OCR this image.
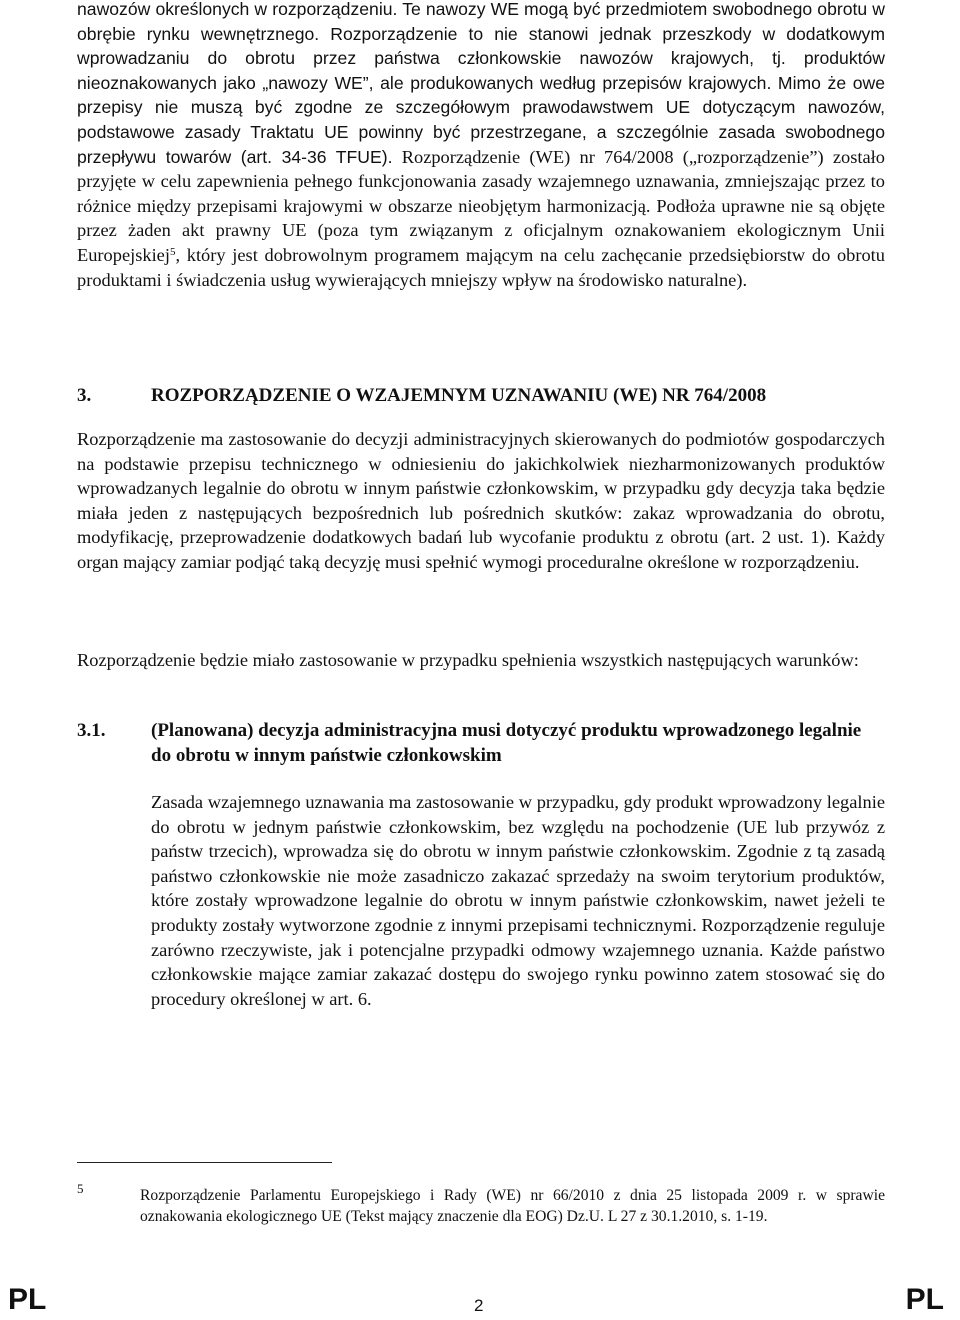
nawozów określonych w rozporządzeniu. Te nawozy WE mogą być przedmiotem swobodnego obrotu w obrębie rynku wewnętrznego. Rozporządzenie to nie stanowi jednak przeszkody w dodatkowym wprowadzaniu do obrotu przez państwa członkowskie nawozów krajowych, tj. produktów nieoznakowanych jako „nawozy WE”, ale produkowanych według przepisów krajowych. Mimo że owe przepisy nie muszą być zgodne ze szczegółowym prawodawstwem UE dotyczącym nawozów, podstawowe zasady Traktatu UE powinny być przestrzegane, a szczególnie zasada swobodnego przepływu towarów (art. 34-36 TFUE). Rozporządzenie (WE) nr 764/2008 („rozporządzenie”) zostało przyjęte w celu zapewnienia pełnego funkcjonowania zasady wzajemnego uznawania, zmniejszając przez to różnice między przepisami krajowymi w obszarze nieobjętym harmonizacją. Podłoża uprawne nie są objęte przez żaden akt prawny UE (poza tym związanym z oficjalnym oznakowaniem ekologicznym Unii Europejskiej$^5$, który jest dobrowolnym programem mającym na celu zachęcanie przedsiębiorstw do obrotu produktami i świadczenia usług wywierających mniejszy wpływ na środowisko naturalne).

3.	ROZPORZĄDZENIE O WZAJEMNYM UZNAWANIU (WE) NR 764/2008

Rozporządzenie ma zastosowanie do decyzji administracyjnych skierowanych do podmiotów gospodarczych na podstawie przepisu technicznego w odniesieniu do jakichkolwiek niezharmonizowanych produktów wprowadzanych legalnie do obrotu w innym państwie członkowskim, w przypadku gdy decyzja taka będzie miała jeden z następujących bezpośrednich lub pośrednich skutków: zakaz wprowadzania do obrotu, modyfikację, przeprowadzenie dodatkowych badań lub wycofanie produktu z obrotu (art. 2 ust. 1). Każdy organ mający zamiar podjąć taką decyzję musi spełnić wymogi proceduralne określone w rozporządzeniu.

Rozporządzenie będzie miało zastosowanie w przypadku spełnienia wszystkich następujących warunków:

3.1.	(Planowana) decyzja administracyjna musi dotyczyć produktu wprowadzonego legalnie do obrotu w innym państwie członkowskim

Zasada wzajemnego uznawania ma zastosowanie w przypadku, gdy produkt wprowadzony legalnie do obrotu w jednym państwie członkowskim, bez względu na pochodzenie (UE lub przywóz z państw trzecich), wprowadza się do obrotu w innym państwie członkowskim. Zgodnie z tą zasadą państwo członkowskie nie może zasadniczo zakazać sprzedaży na swoim terytorium produktów, które zostały wprowadzone legalnie do obrotu w innym państwie członkowskim, nawet jeżeli te produkty zostały wytworzone zgodnie z innymi przepisami technicznymi. Rozporządzenie reguluje zarówno rzeczywiste, jak i potencjalne przypadki odmowy wzajemnego uznania. Każde państwo członkowskie mające zamiar zakazać dostępu do swojego rynku powinno zatem stosować się do procedury określonej w art. 6.

5	Rozporządzenie Parlamentu Europejskiego i Rady (WE) nr 66/2010 z dnia 25 listopada 2009 r. w sprawie oznakowania ekologicznego UE (Tekst mający znaczenie dla EOG) Dz.U. L 27 z 30.1.2010, s. 1-19.

PL	2	PL
